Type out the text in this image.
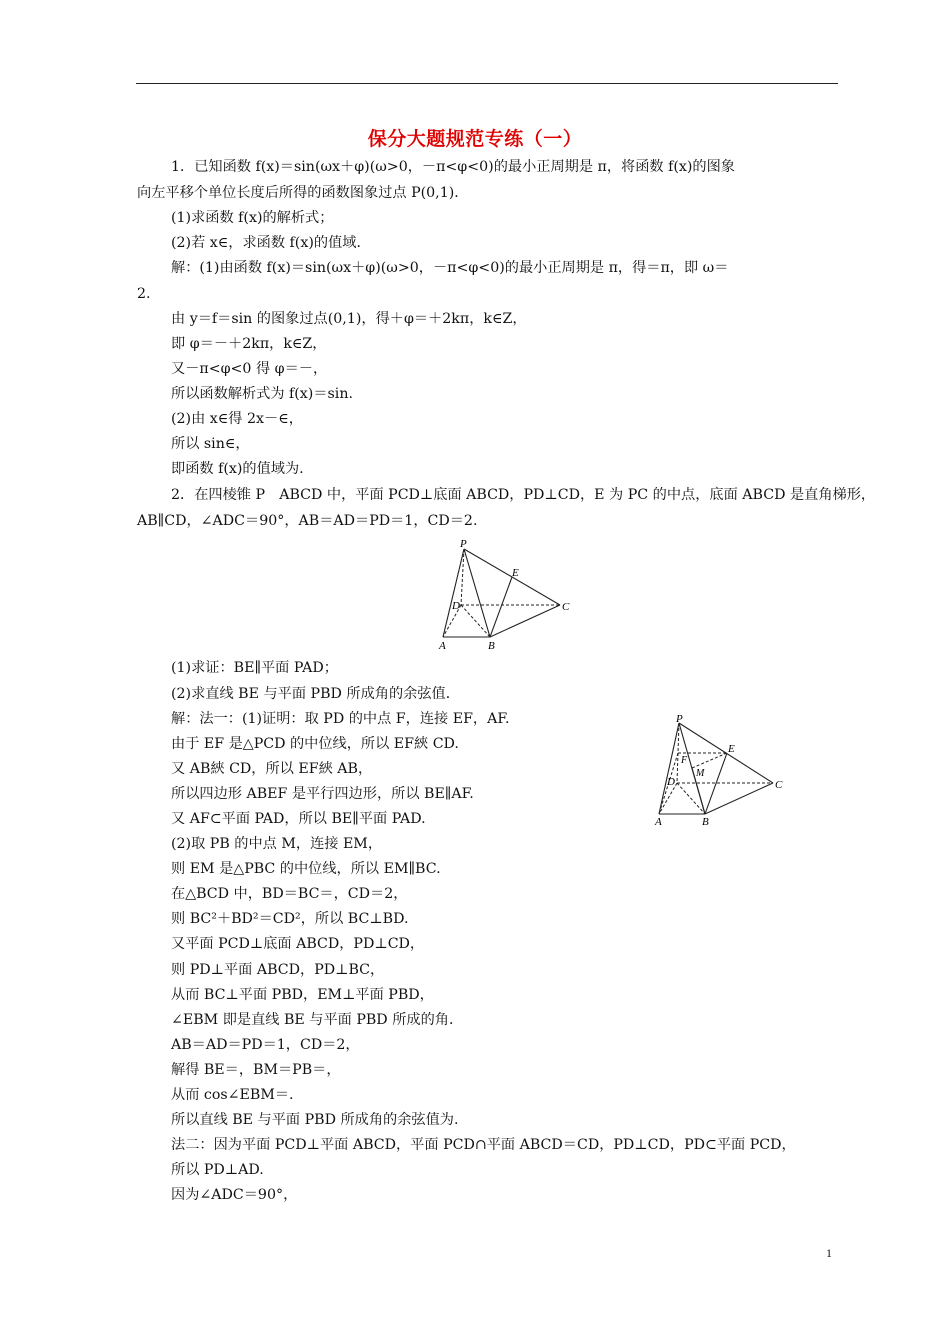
保分大题规范专练（一）
1．已知函数 f(x)＝sin(ωx＋φ)(ω>0，－π<φ<0)的最小正周期是 π，将函数 f(x)的图象
向左平移个单位长度后所得的函数图象过点 P(0,1)．
(1)求函数 f(x)的解析式；
(2)若 x∈，求函数 f(x)的值域．
解：(1)由函数 f(x)＝sin(ωx＋φ)(ω>0，－π<φ<0)的最小正周期是 π，得＝π，即 ω＝
2.
由 y＝f＝sin 的图象过点(0,1)，得＋φ＝＋2kπ，k∈Z，
即 φ＝－＋2kπ，k∈Z，
又－π<φ<0 得 φ＝－，
所以函数解析式为 f(x)＝sin.
(2)由 x∈得 2x－∈，
所以 sin∈，
即函数 f(x)的值域为.
2．在四棱锥 P　ABCD 中，平面 PCD⊥底面 ABCD，PD⊥CD，E 为 PC 的中点，底面 ABCD 是直角梯形，
AB∥CD，∠ADC＝90°，AB＝AD＝PD＝1，CD＝2.
P
E
D	C
A	B
(1)求证：BE∥平面 PAD；
(2)求直线 BE 与平面 PBD 所成角的余弦值．
解：法一：(1)证明：取 PD 的中点 F，连接 EF，AF.
由于 EF 是△PCD 的中位线，所以 EF綊 CD.
又 AB綊 CD，所以 EF綊 AB，
所以四边形 ABEF 是平行四边形，所以 BE∥AF.
又 AF⊂平面 PAD，所以 BE∥平面 PAD.
(2)取 PB 的中点 M，连接 EM，
则 EM 是△PBC 的中位线，所以 EM∥BC.
在△BCD 中，BD＝BC＝，CD＝2，
则 BC²＋BD²＝CD²，所以 BC⊥BD.
又平面 PCD⊥底面 ABCD，PD⊥CD，
则 PD⊥平面 ABCD，PD⊥BC，
从而 BC⊥平面 PBD，EM⊥平面 PBD，
∠EBM 即是直线 BE 与平面 PBD 所成的角．
AB＝AD＝PD＝1，CD＝2，
解得 BE＝，BM＝PB＝，
从而 cos∠EBM＝.
所以直线 BE 与平面 PBD 所成角的余弦值为.
法二：因为平面 PCD⊥平面 ABCD，平面 PCD∩平面 ABCD＝CD，PD⊥CD，PD⊂平面 PCD，
所以 PD⊥AD.
因为∠ADC＝90°，
P
E
F
M
D	C
A	B
1
